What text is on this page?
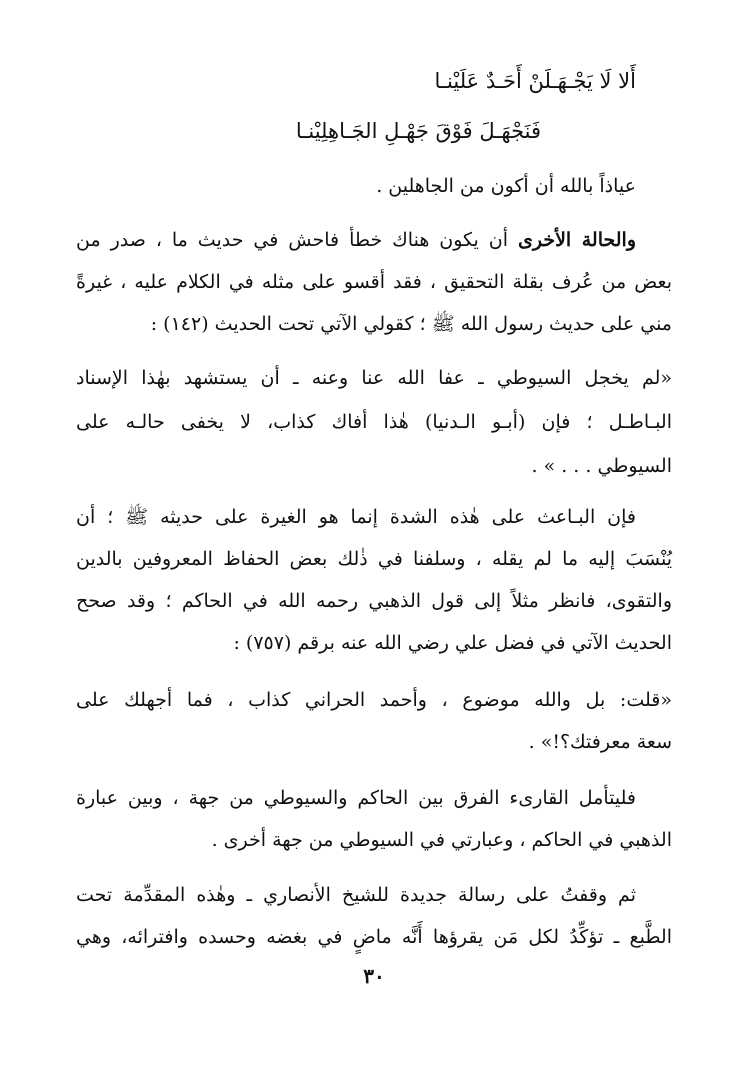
أَلا لَا يَجْـهَـلَنْ أَحَـدٌ عَلَيْنـا
فَنَجْهَـلَ فَوْقَ جَهْـلِ الجَـاهِلِيْنـا
عياذاً بالله أن أكون من الجاهلين .
والحالة الأخرى أن يكون هناك خطأ فاحش في حديث ما ، صدر من
بعض من عُرف بقلة التحقيق ، فقد أقسو على مثله في الكلام عليه ، غيرةً
مني على حديث رسول الله ﷺ ؛ كقولي الآتي تحت الحديث (١٤٢) :
«لم يخجل السيوطي ـ عفا الله عنا وعنه ـ أن يستشهد بهٰذا الإسناد
البـاطـل ؛ فإن (أبـو الـدنيا) هٰذا أفاك كذاب، لا يخفى حالـه على
السيوطي . . . » .
فإن البـاعث على هٰذه الشدة إنما هو الغيرة على حديثه ﷺ ؛ أن
يُنْسَبَ إليه ما لم يقله ، وسلفنا في ذٰلك بعض الحفاظ المعروفين بالدين
والتقوى، فانظر مثلاً إلى قول الذهبي رحمه الله في الحاكم ؛ وقد صحح
الحديث الآتي في فضل علي رضي الله عنه برقم (٧٥٧) :
«قلت: بل والله موضوع ، وأحمد الحراني كذاب ، فما أجهلك على
سعة معرفتك؟!» .
فليتأمل القارىء الفرق بين الحاكم والسيوطي من جهة ، وبين عبارة
الذهبي في الحاكم ، وعبارتي في السيوطي من جهة أخرى .
ثم وقفتُ على رسالة جديدة للشيخ الأنصاري ـ وهٰذه المقدِّمة تحت
الطَّبع ـ تؤكِّدُ لكل مَن يقرؤها أَنَّه ماضٍ في بغضه وحسده وافترائه، وهي
٣٠
